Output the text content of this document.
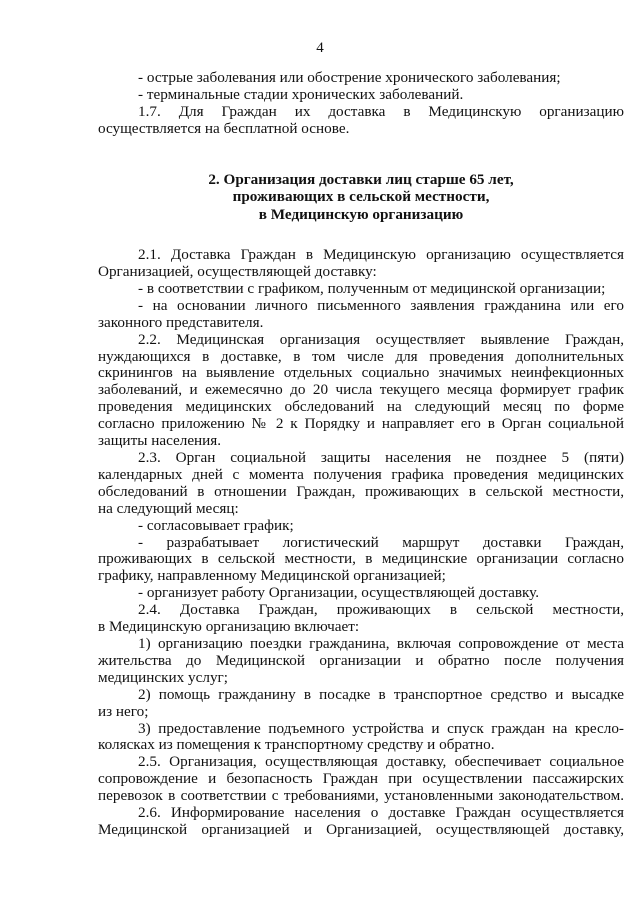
4

- острые заболевания или обострение хронического заболевания;

- терминальные стадии хронических заболеваний.

1.7. Для Граждан их доставка в Медицинскую организацию

осуществляется на бесплатной основе.

2. Организация доставки лиц старше 65 лет,
проживающих в сельской местности,
в Медицинскую организацию

2.1. Доставка Граждан в Медицинскую организацию осуществляется

Организацией, осуществляющей доставку:

- в соответствии с графиком, полученным от медицинской организации;

- на основании личного письменного заявления гражданина или его

законного представителя.

2.2. Медицинская организация осуществляет выявление Граждан,

нуждающихся в доставке, в том числе для проведения дополнительных

скринингов на выявление отдельных социально значимых неинфекционных

заболеваний, и ежемесячно до 20 числа текущего месяца формирует график

проведения медицинских обследований на следующий месяц по форме

согласно приложению № 2 к Порядку и направляет его в Орган социальной

защиты населения.

2.3. Орган социальной защиты населения не позднее 5 (пяти)

календарных дней с момента получения графика проведения медицинских

обследований в отношении Граждан, проживающих в сельской местности,

на следующий месяц:

- согласовывает график;

- разрабатывает логистический маршрут доставки Граждан,

проживающих в сельской местности, в медицинские организации согласно

графику, направленному Медицинской организацией;

- организует работу Организации, осуществляющей доставку.

2.4. Доставка Граждан, проживающих в сельской местности,

в Медицинскую организацию включает:

1) организацию поездки гражданина, включая сопровождение от места

жительства до Медицинской организации и обратно после получения

медицинских услуг;

2) помощь гражданину в посадке в транспортное средство и высадке

из него;

3) предоставление подъемного устройства и спуск граждан на кресло-

колясках из помещения к транспортному средству и обратно.

2.5. Организация, осуществляющая доставку, обеспечивает социальное

сопровождение и безопасность Граждан при осуществлении пассажирских

перевозок в соответствии с требованиями, установленными законодательством.

2.6. Информирование населения о доставке Граждан осуществляется

Медицинской организацией и Организацией, осуществляющей доставку,
